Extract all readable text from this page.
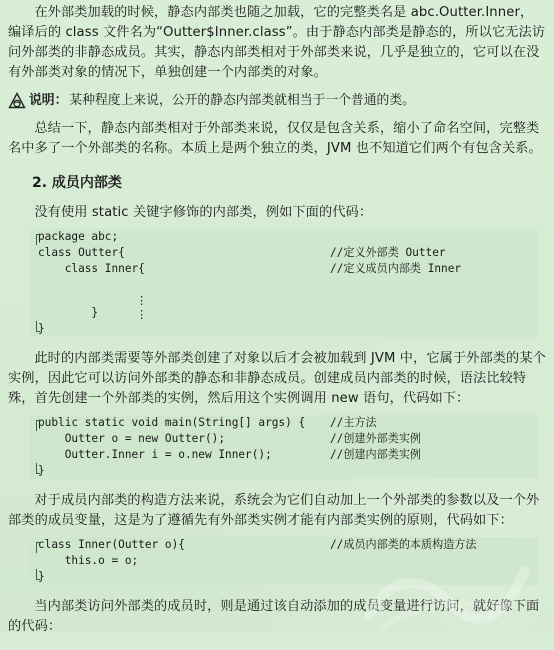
在外部类加载的时候，静态内部类也随之加载，它的完整类名是 abc.Outter.Inner，编译后的 class 文件名为“Outter$Inner.class”。由于静态内部类是静态的，所以它无法访问外部类的非静态成员。其实，静态内部类相对于外部类来说，几乎是独立的，它可以在没有外部类对象的情况下，单独创建一个内部类的对象。

说明： 某种程度上来说，公开的静态内部类就相当于一个普通的类。

总结一下，静态内部类相对于外部类来说，仅仅是包含关系，缩小了命名空间，完整类名中多了一个外部类的名称。本质上是两个独立的类，JVM 也不知道它们两个有包含关系。

2. 成员内部类

没有使用 static 关键字修饰的内部类，例如下面的代码：

package abc;
class Outter{	//定义外部类 Outter
class Inner{	//定义成员内部类 Inner

⋮

⋮

}
}

此时的内部类需要等外部类创建了对象以后才会被加载到 JVM 中，它属于外部类的某个实例，因此它可以访问外部类的静态和非静态成员。创建成员内部类的时候，语法比较特殊，首先创建一个外部类的实例，然后用这个实例调用 new 语句，代码如下：

public static void main(String[] args) {	//主方法
Outter o = new Outter();	//创建外部类实例
Outter.Inner i = o.new Inner();	//创建内部类实例
}

对于成员内部类的构造方法来说，系统会为它们自动加上一个外部类的参数以及一个外部类的成员变量，这是为了遵循先有外部类实例才能有内部类实例的原则，代码如下：

class Inner(Outter o){	//成员内部类的本质构造方法
this.o = o;
}

当内部类访问外部类的成员时，则是通过该自动添加的成员变量进行访问，就好像下面的代码：
